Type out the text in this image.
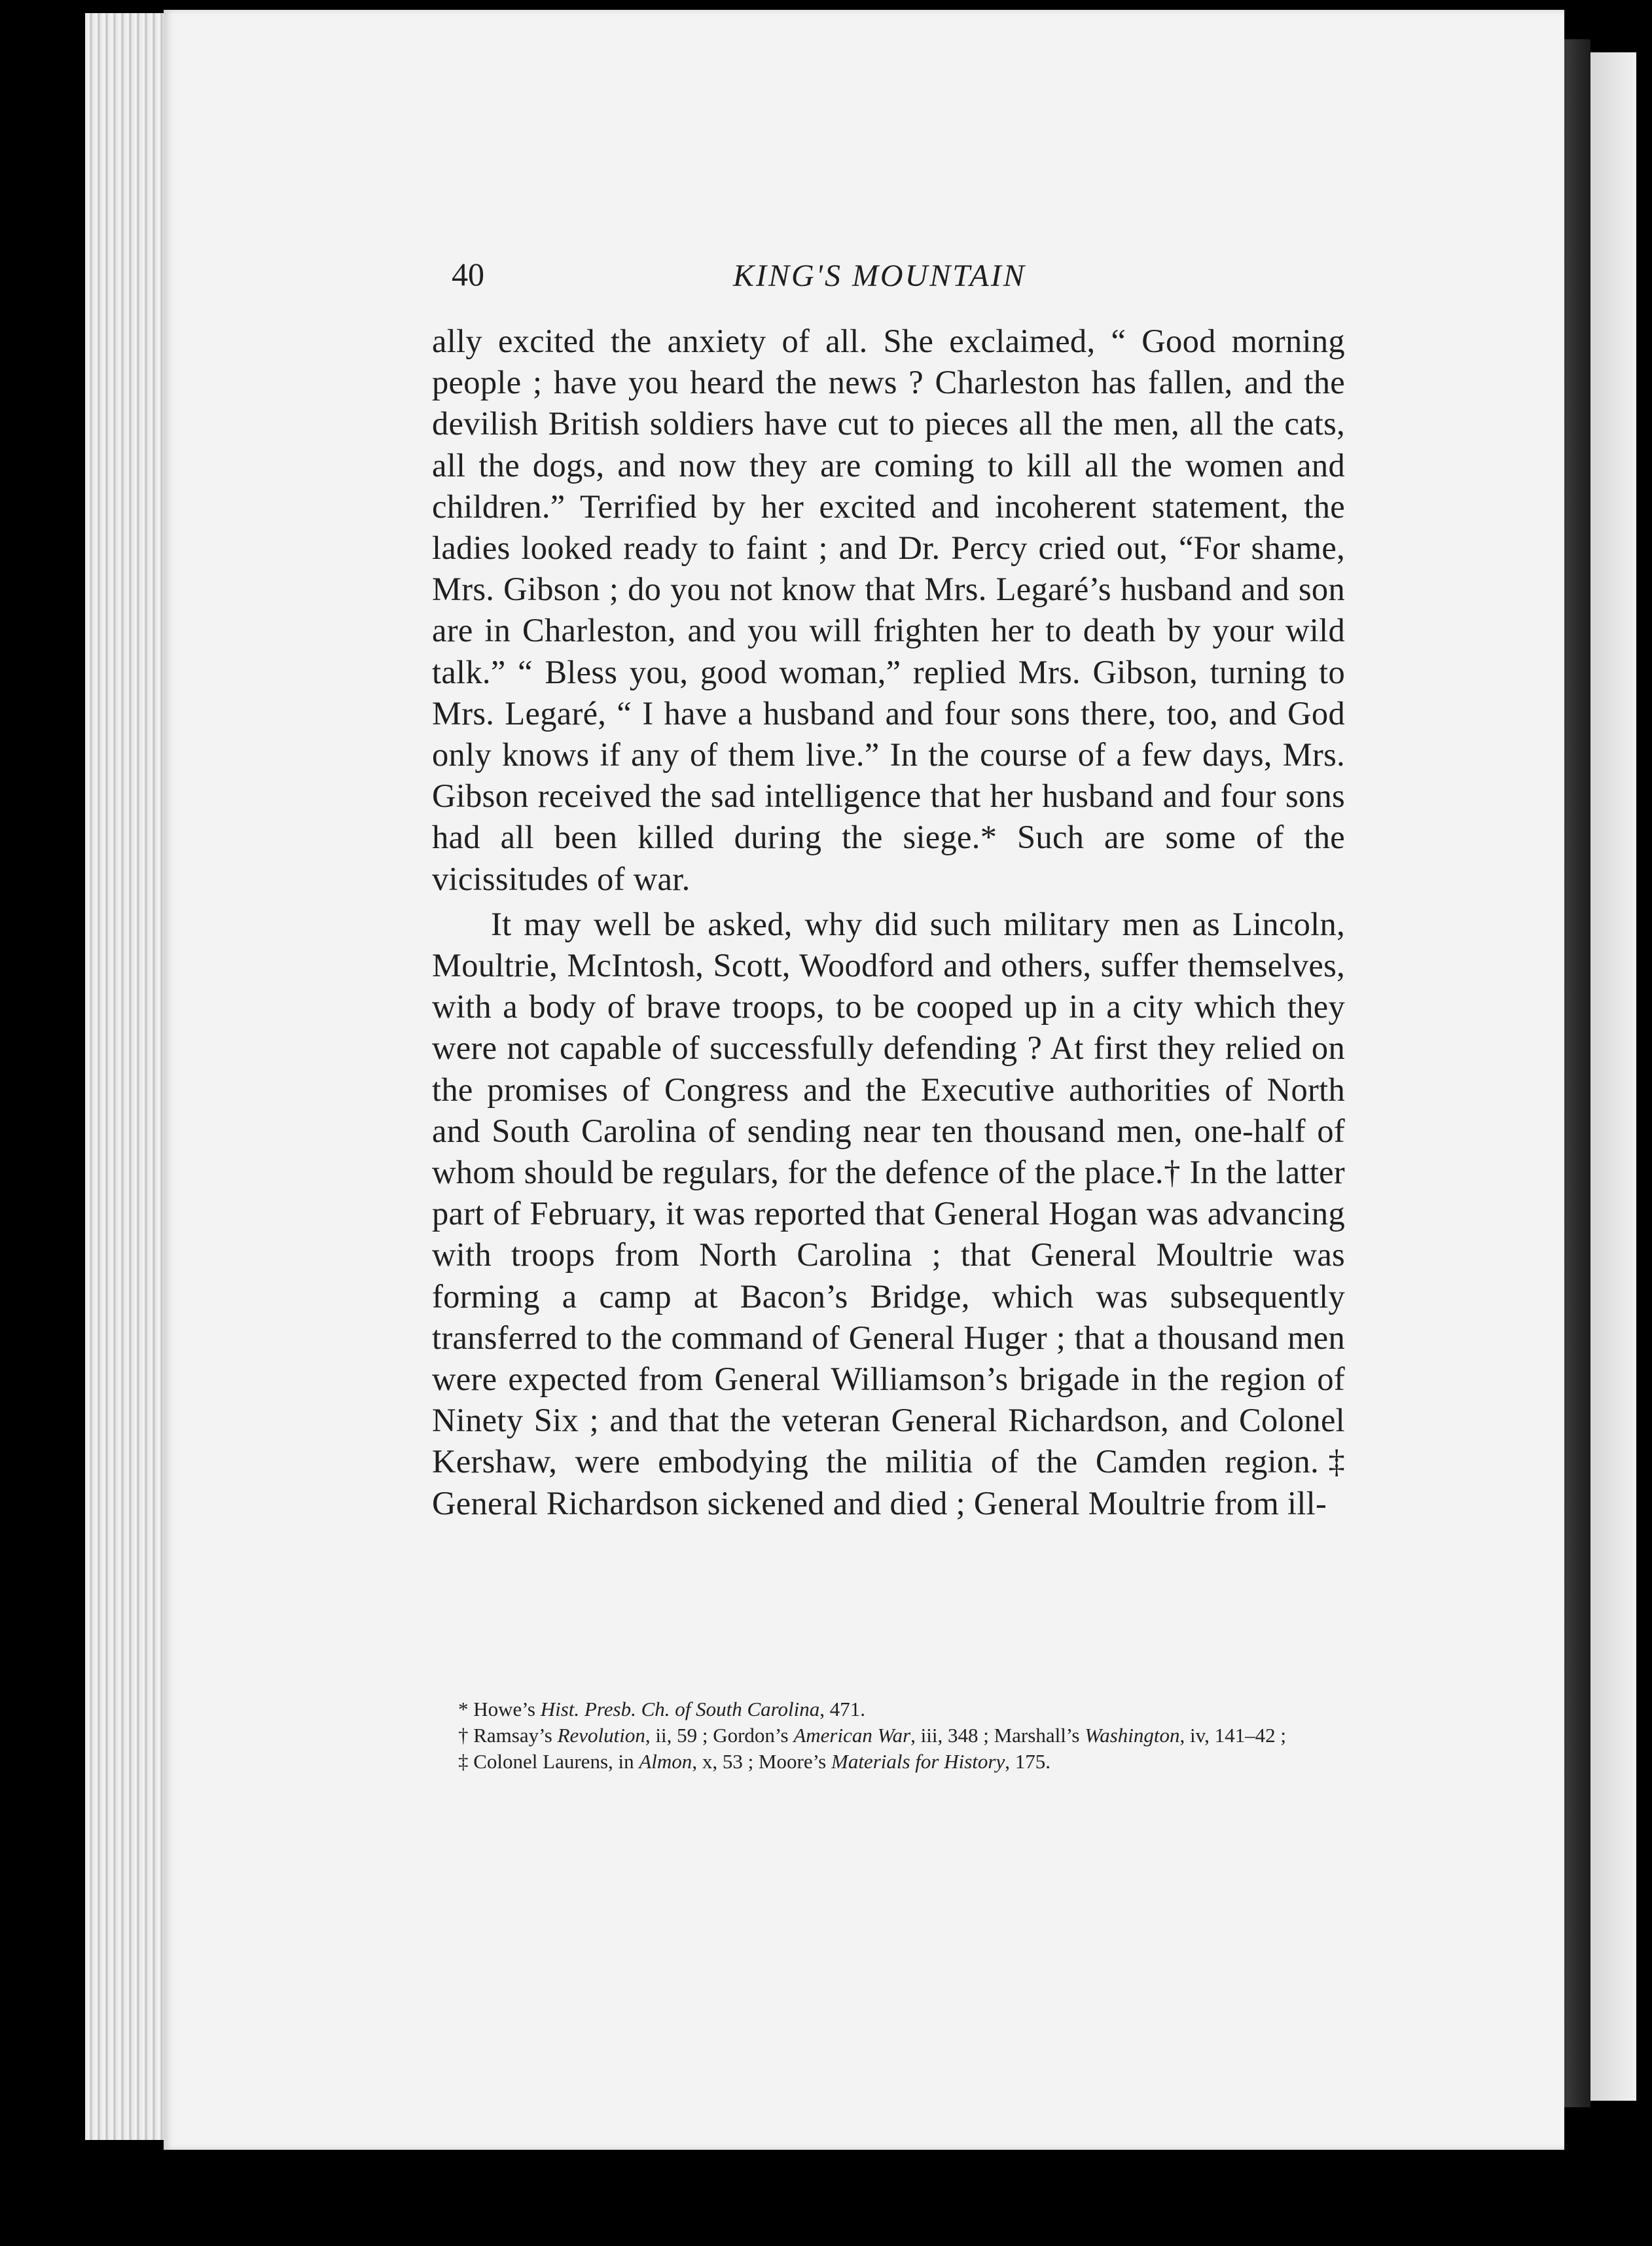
40	KING'S MOUNTAIN

ally excited the anxiety of all. She exclaimed, “ Good morning people ; have you heard the news ? Charleston has fallen, and the devilish British soldiers have cut to pieces all the men, all the cats, all the dogs, and now they are coming to kill all the women and children.” Terrified by her excited and incoherent statement, the ladies looked ready to faint ; and Dr. Percy cried out, “For shame, Mrs. Gibson ; do you not know that Mrs. Legaré’s husband and son are in Charleston, and you will frighten her to death by your wild talk.” “ Bless you, good woman,” replied Mrs. Gibson, turning to Mrs. Legaré, “ I have a husband and four sons there, too, and God only knows if any of them live.” In the course of a few days, Mrs. Gibson received the sad intelligence that her husband and four sons had all been killed during the siege.* Such are some of the vicissitudes of war.

It may well be asked, why did such military men as Lincoln, Moultrie, McIntosh, Scott, Woodford and others, suffer themselves, with a body of brave troops, to be cooped up in a city which they were not capable of successfully defending ? At first they relied on the promises of Congress and the Executive authorities of North and South Carolina of sending near ten thousand men, one-half of whom should be regulars, for the defence of the place.† In the latter part of February, it was reported that General Hogan was advancing with troops from North Carolina ; that General Moultrie was forming a camp at Bacon’s Bridge, which was subsequently transferred to the command of General Huger ; that a thousand men were expected from General Williamson’s brigade in the region of Ninety Six ; and that the veteran General Richardson, and Colonel Kershaw, were embodying the militia of the Camden region.‡ General Richardson sickened and died ; General Moultrie from ill-

* Howe’s Hist. Presb. Ch. of South Carolina, 471.

† Ramsay’s Revolution, ii, 59 ; Gordon’s American War, iii, 348 ; Marshall’s Washington, iv, 141–42 ;

‡ Colonel Laurens, in Almon, x, 53 ; Moore’s Materials for History, 175.
